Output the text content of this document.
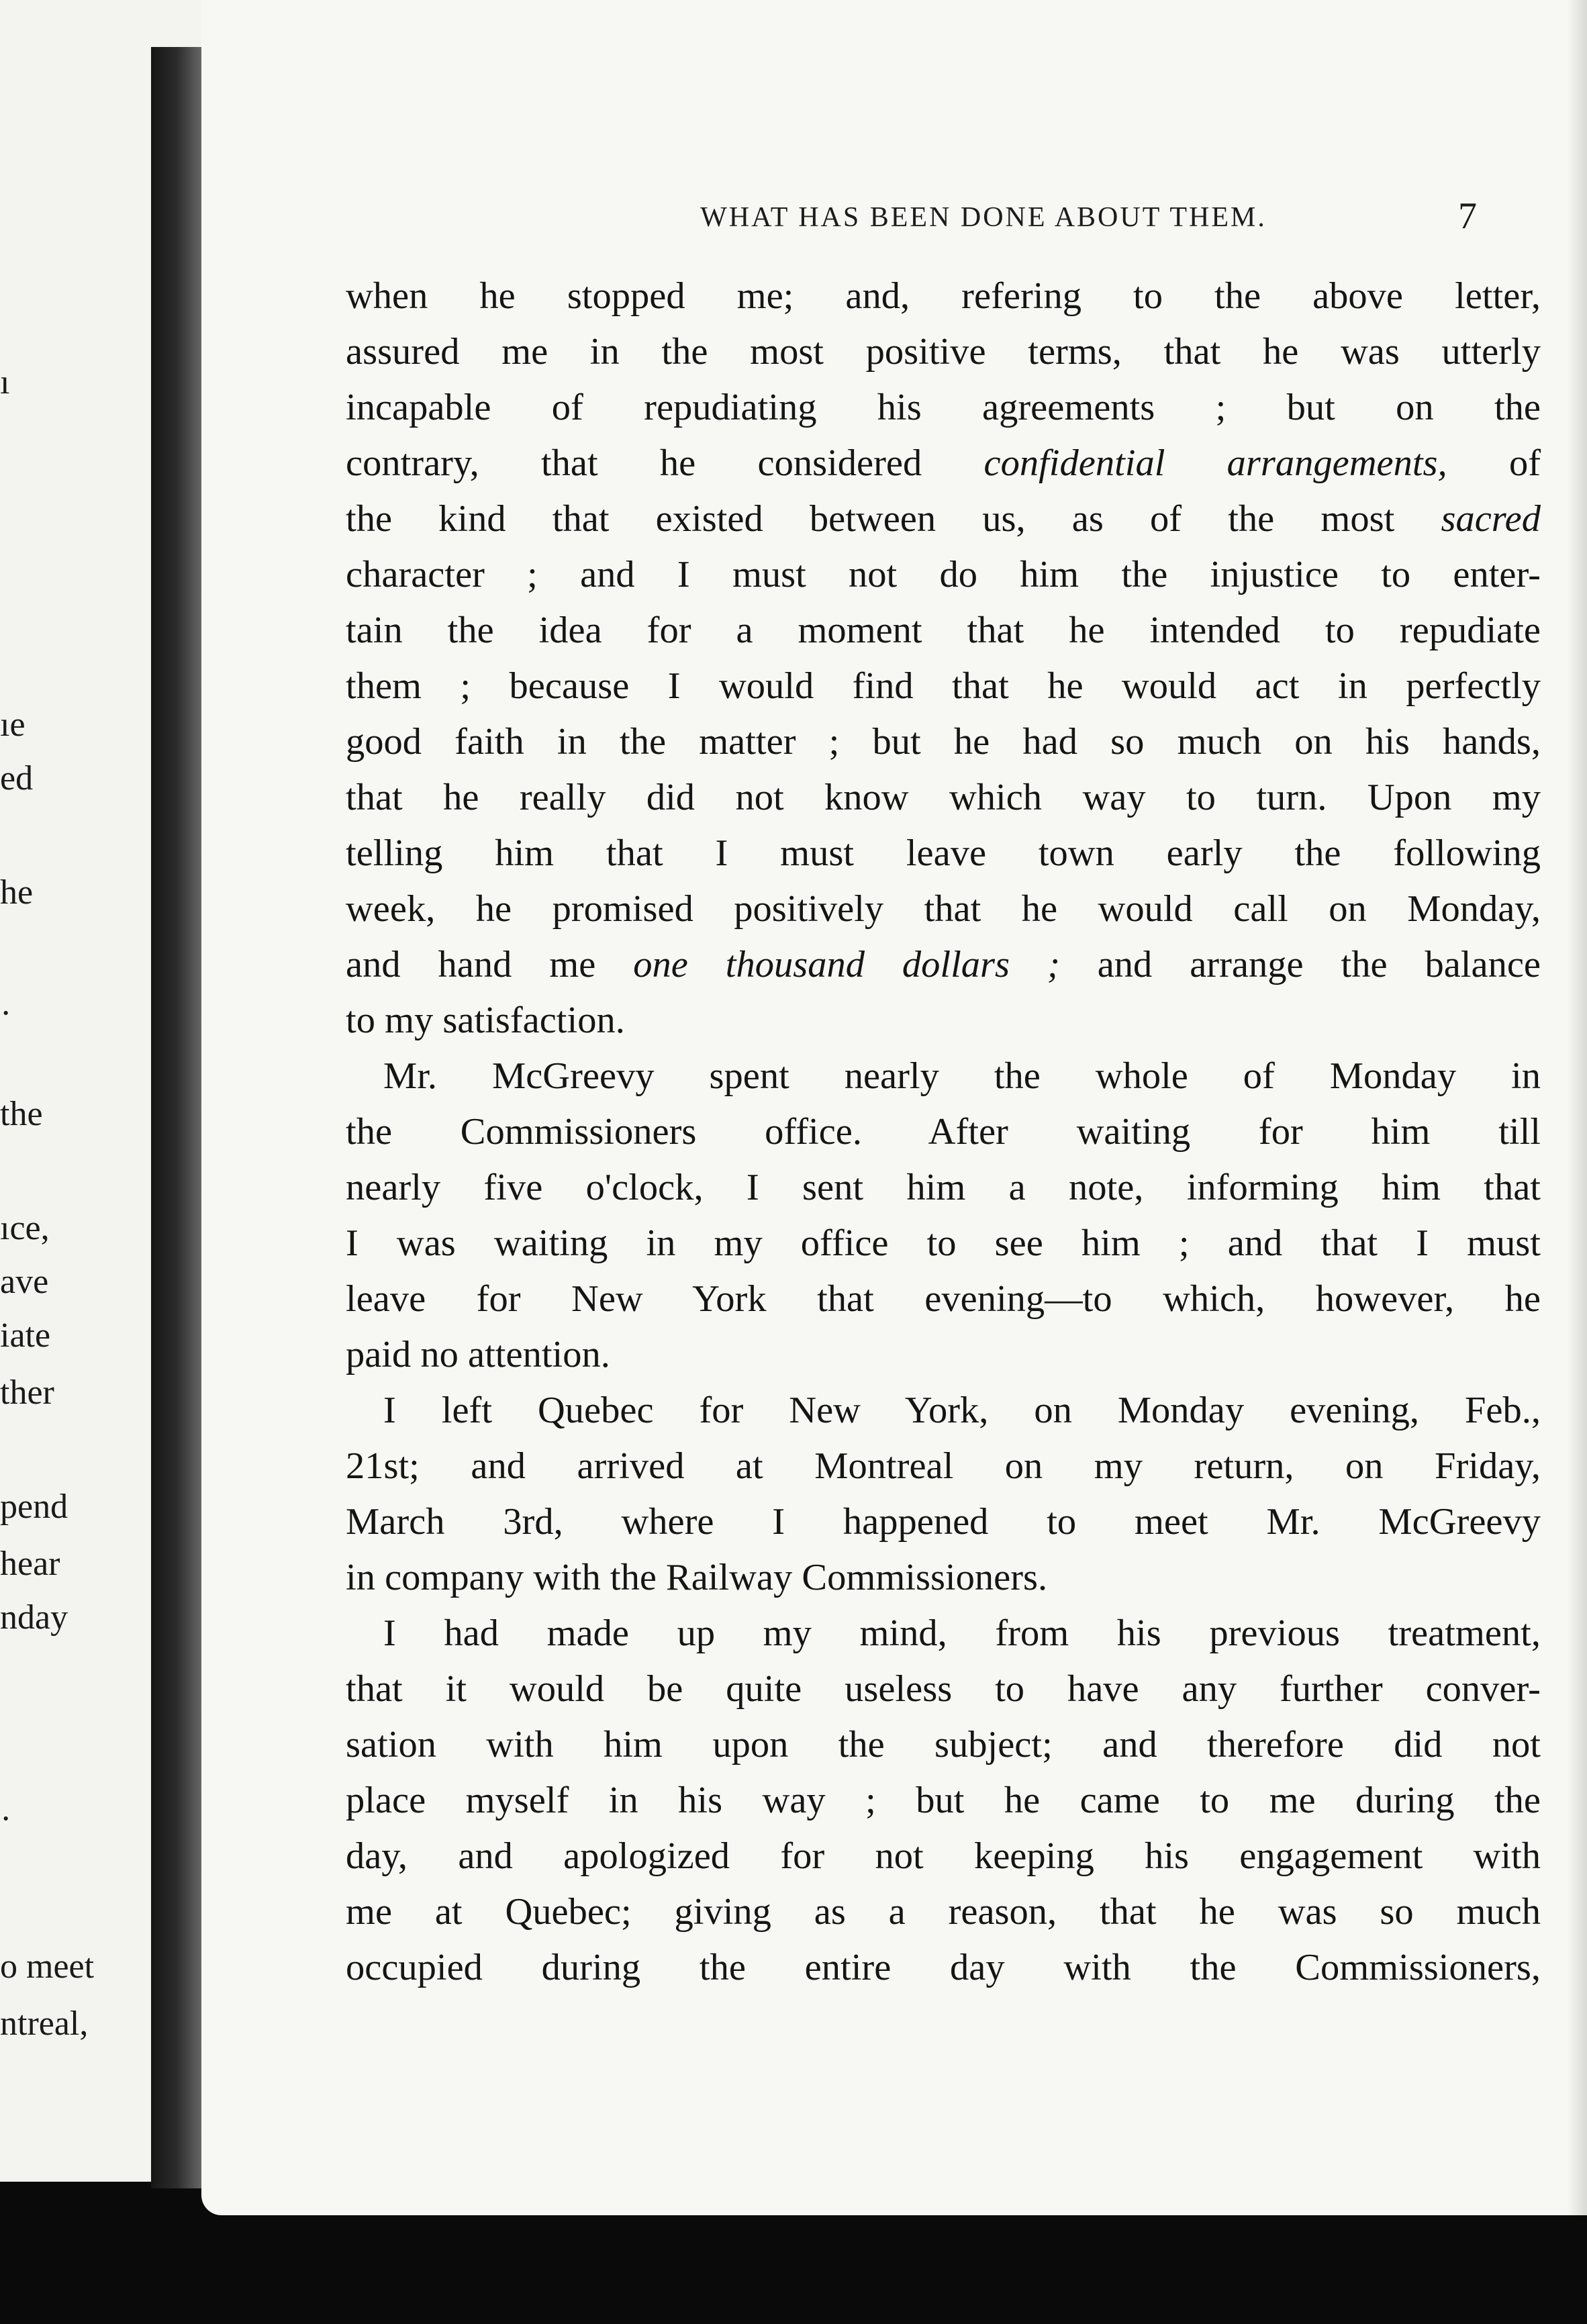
ı
ıe
ed
he
·
the
ıce,
ave
iate
ther
pend
hear
nday
·
o meet
ntreal,
WHAT HAS BEEN DONE ABOUT THEM.	7
when he stopped me; and, refering to the above letter,
assured me in the most positive terms, that he was utterly
incapable of repudiating his agreements ; but on the
contrary, that he considered confidential arrangements, of
the kind that existed between us, as of the most sacred
character ; and I must not do him the injustice to enter-
tain the idea for a moment that he intended to repudiate
them ; because I would find that he would act in perfectly
good faith in the matter ; but he had so much on his hands,
that he really did not know which way to turn. Upon my
telling him that I must leave town early the following
week, he promised positively that he would call on Monday,
and hand me one thousand dollars ; and arrange the balance
to my satisfaction.
Mr. McGreevy spent nearly the whole of Monday in
the Commissioners office. After waiting for him till
nearly five o'clock, I sent him a note, informing him that
I was waiting in my office to see him ; and that I must
leave for New York that evening—to which, however, he
paid no attention.
I left Quebec for New York, on Monday evening, Feb.,
21st; and arrived at Montreal on my return, on Friday,
March 3rd, where I happened to meet Mr. McGreevy
in company with the Railway Commissioners.
I had made up my mind, from his previous treatment,
that it would be quite useless to have any further conver-
sation with him upon the subject; and therefore did not
place myself in his way ; but he came to me during the
day, and apologized for not keeping his engagement with
me at Quebec; giving as a reason, that he was so much
occupied during the entire day with the Commissioners,
